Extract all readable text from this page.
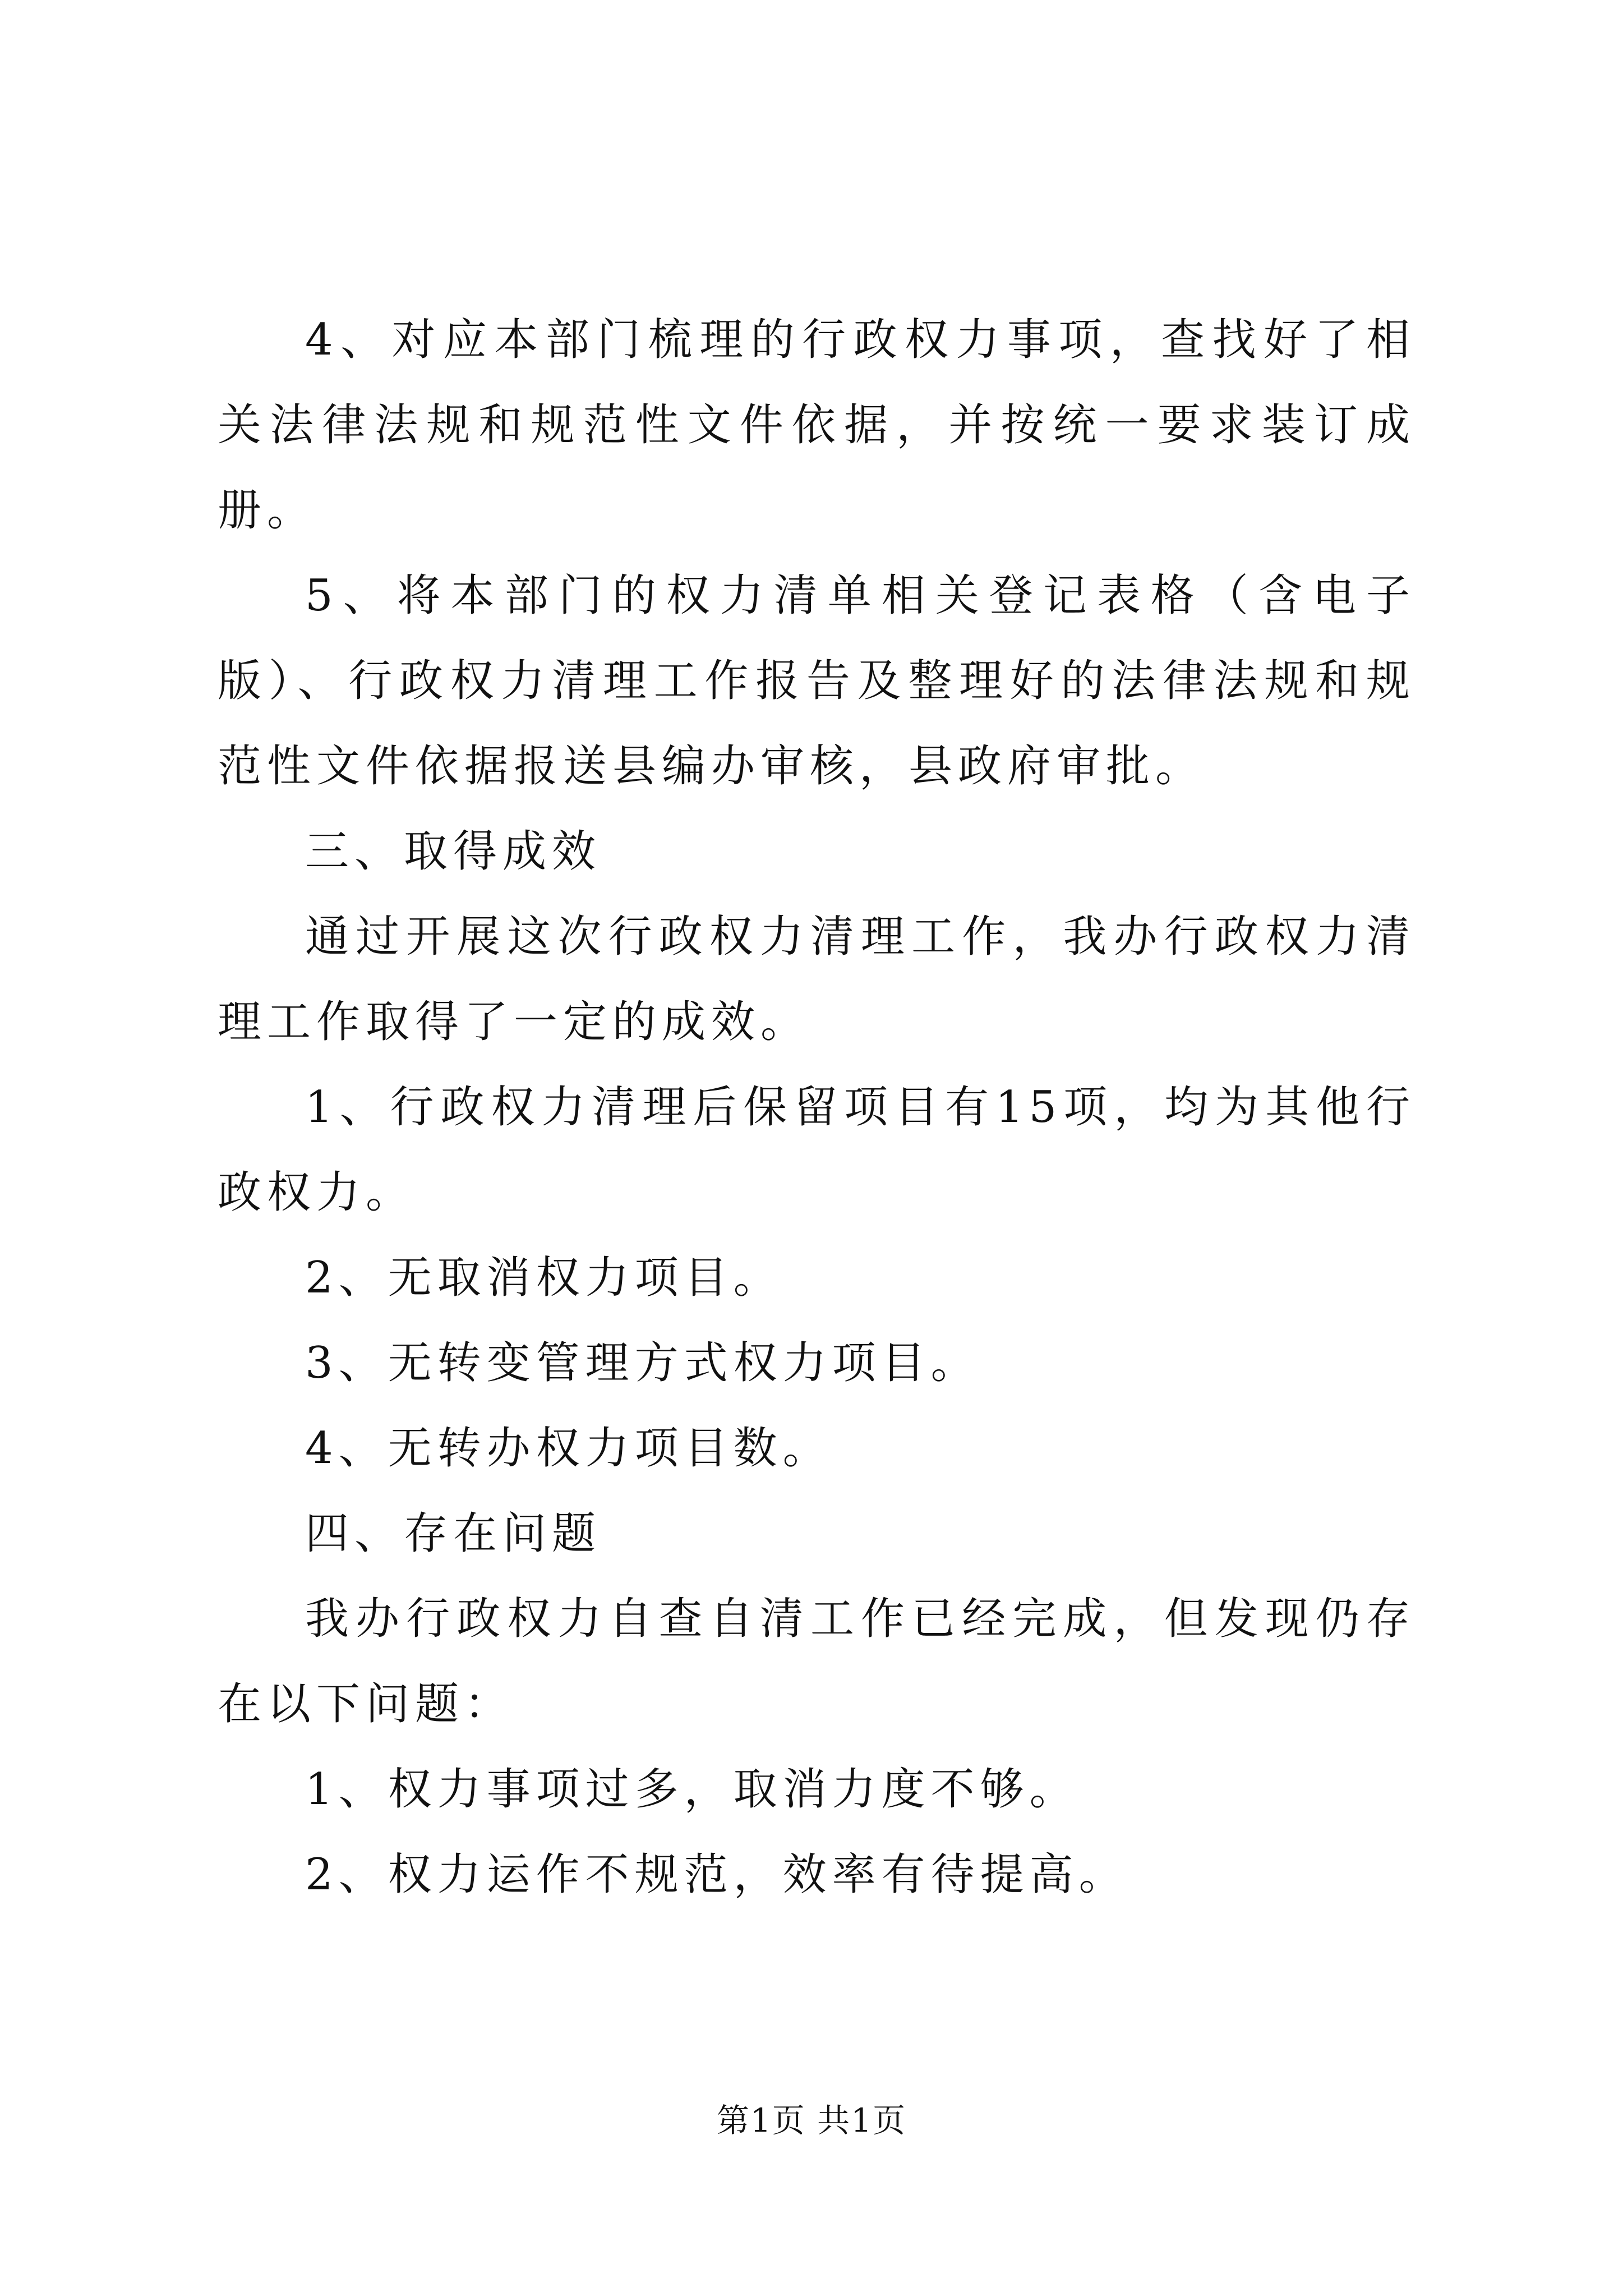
4、对应本部门梳理的行政权力事项，查找好了相关法律法规和规范性文件依据，并按统一要求装订成册。

5、将本部门的权力清单相关登记表格（含电子版）、行政权力清理工作报告及整理好的法律法规和规范性文件依据报送县编办审核，县政府审批。

三、取得成效

通过开展这次行政权力清理工作，我办行政权力清理工作取得了一定的成效。

1、行政权力清理后保留项目有15项，均为其他行政权力。

2、无取消权力项目。

3、无转变管理方式权力项目。

4、无转办权力项目数。

四、存在问题

我办行政权力自查自清工作已经完成，但发现仍存在以下问题：

1、权力事项过多，取消力度不够。

2、权力运作不规范，效率有待提高。

第1页 共1页
